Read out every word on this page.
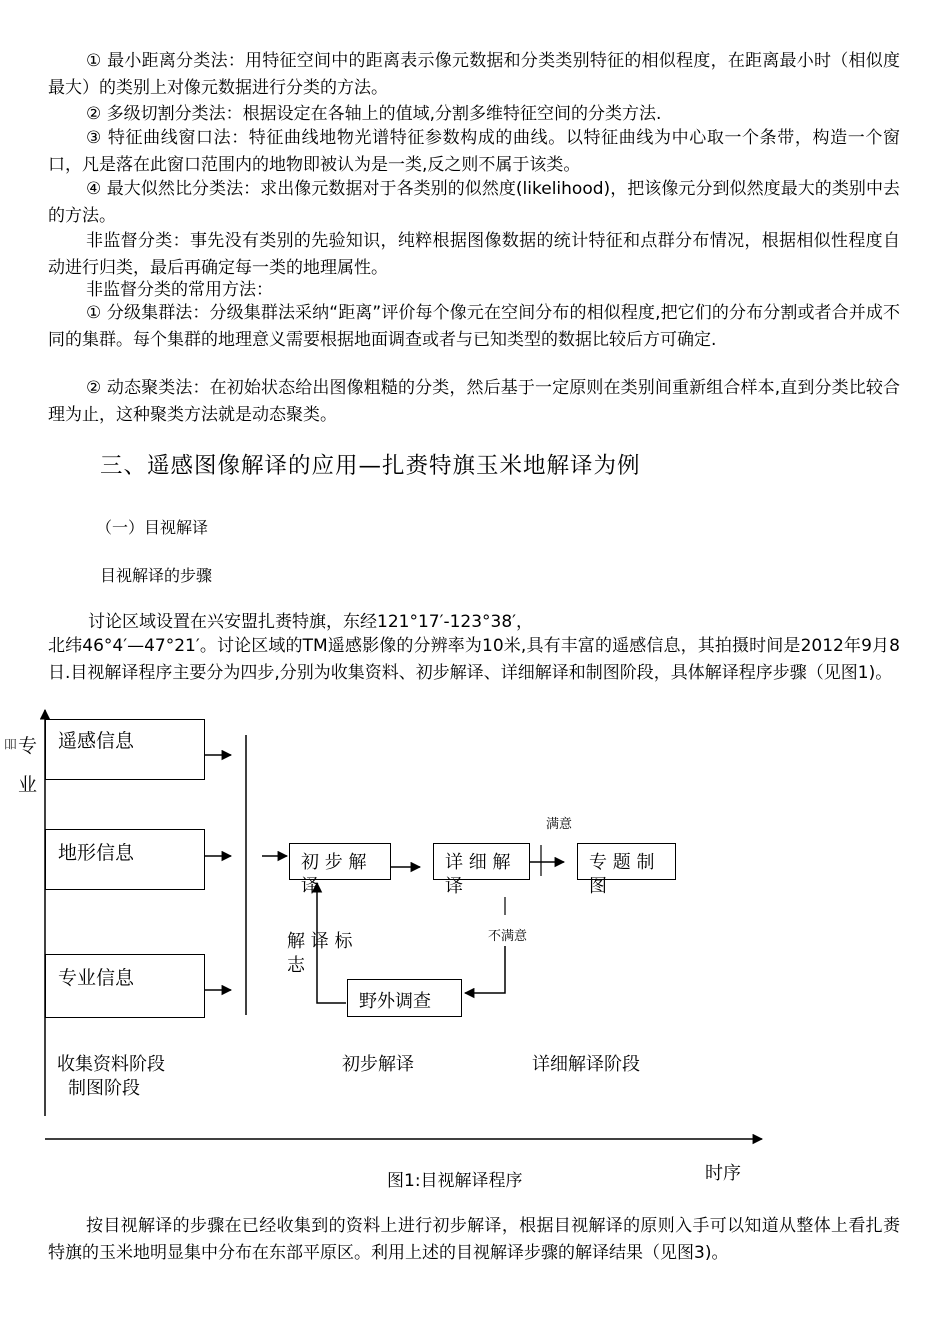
① 最小距离分类法：用特征空间中的距离表示像元数据和分类类别特征的相似程度，在距离最小时（相似度最大）的类别上对像元数据进行分类的方法。

② 多级切割分类法：根据设定在各轴上的值域,分割多维特征空间的分类方法.

③ 特征曲线窗口法：特征曲线地物光谱特征参数构成的曲线。以特征曲线为中心取一个条带，构造一个窗口，凡是落在此窗口范围内的地物即被认为是一类,反之则不属于该类。

④ 最大似然比分类法：求出像元数据对于各类别的似然度(likelihood)，把该像元分到似然度最大的类别中去的方法。

非监督分类：事先没有类别的先验知识，纯粹根据图像数据的统计特征和点群分布情况，根据相似性程度自动进行归类，最后再确定每一类的地理属性。

非监督分类的常用方法：

① 分级集群法：分级集群法采纳“距离”评价每个像元在空间分布的相似程度,把它们的分布分割或者合并成不同的集群。每个集群的地理意义需要根据地面调查或者与已知类型的数据比较后方可确定.

② 动态聚类法：在初始状态给出图像粗糙的分类，然后基于一定原则在类别间重新组合样本,直到分类比较合理为止，这种聚类方法就是动态聚类。

三、遥感图像解译的应用—扎赉特旗玉米地解译为例
（一）目视解译
目视解译的步骤
讨论区域设置在兴安盟扎赉特旗，东经121°17′-123°38′，

北纬46°4′—47°21′。讨论区域的TM遥感影像的分辨率为10米,具有丰富的遥感信息，其拍摄时间是2012年9月8日.目视解译程序主要分为四步,分别为收集资料、初步解译、详细解译和制图阶段，具体解译程序步骤（见图1)。

吅 专
业
遥感信息
地形信息
专业信息
初 步 解 译
详 细 解 译
专 题 制 图
野外调查
解 译 标
志
满意
不满意
收集资料阶段
制图阶段
初步解译	详细解译阶段
时序
图1:目视解译程序

按目视解译的步骤在已经收集到的资料上进行初步解译，根据目视解译的原则入手可以知道从整体上看扎赉特旗的玉米地明显集中分布在东部平原区。利用上述的目视解译步骤的解译结果（见图3)。
